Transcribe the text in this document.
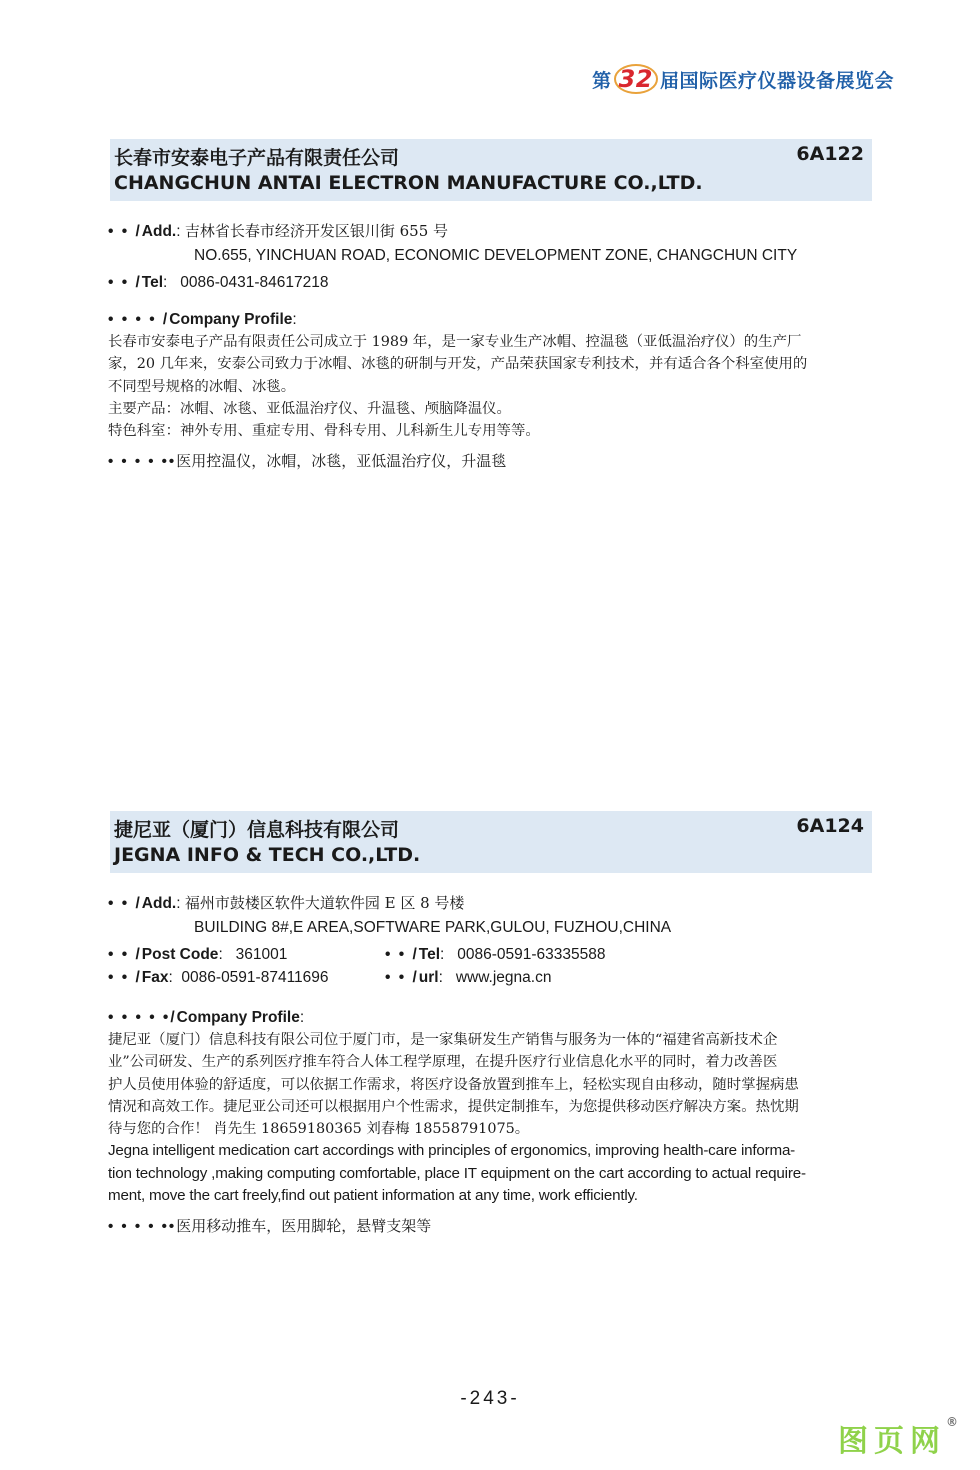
第 32 届国际医疗仪器设备展览会
长春市安泰电子产品有限责任公司
CHANGCHUN ANTAI ELECTRON MANUFACTURE CO.,LTD.
6A122
• • /Add.: 吉林省长春市经济开发区银川街 655 号
NO.655, YINCHUAN ROAD, ECONOMIC DEVELOPMENT ZONE, CHANGCHUN CITY
• • /Tel:   0086-0431-84617218
• • • • /Company Profile:
长春市安泰电子产品有限责任公司成立于 1989 年，是一家专业生产冰帽、控温毯（亚低温治疗仪）的生产厂
家，20 几年来，安泰公司致力于冰帽、冰毯的研制与开发，产品荣获国家专利技术，并有适合各个科室使用的
不同型号规格的冰帽、冰毯。
主要产品：冰帽、冰毯、亚低温治疗仪、升温毯、颅脑降温仪。
特色科室：神外专用、重症专用、骨科专用、儿科新生儿专用等等。
• • • • ••医用控温仪，冰帽，冰毯，亚低温治疗仪，升温毯
捷尼亚（厦门）信息科技有限公司
JEGNA INFO & TECH CO.,LTD.
6A124
• • /Add.: 福州市鼓楼区软件大道软件园 E 区 8 号楼
BUILDING 8#,E AREA,SOFTWARE PARK,GULOU, FUZHOU,CHINA
• • /Post Code:   361001	• • /Tel:   0086-0591-63335588
• • /Fax:  0086-0591-87411696	• • /url:   www.jegna.cn
• • • • •/Company Profile:
捷尼亚（厦门）信息科技有限公司位于厦门市，是一家集研发生产销售与服务为一体的“福建省高新技术企
业”公司研发、生产的系列医疗推车符合人体工程学原理，在提升医疗行业信息化水平的同时，着力改善医
护人员使用体验的舒适度，可以依据工作需求，将医疗设备放置到推车上，轻松实现自由移动，随时掌握病患
情况和高效工作。捷尼亚公司还可以根据用户个性需求，提供定制推车，为您提供移动医疗解决方案。热忱期
待与您的合作！ 肖先生 18659180365 刘春梅 18558791075。
Jegna intelligent medication cart accordings with principles of ergonomics, improving health-care informa-
tion technology ,making computing comfortable, place IT equipment on the cart according to actual require-
ment, move the cart freely,find out patient information at any time, work efficiently.
• • • • ••医用移动推车，医用脚轮，悬臂支架等
-243-
图页网®
